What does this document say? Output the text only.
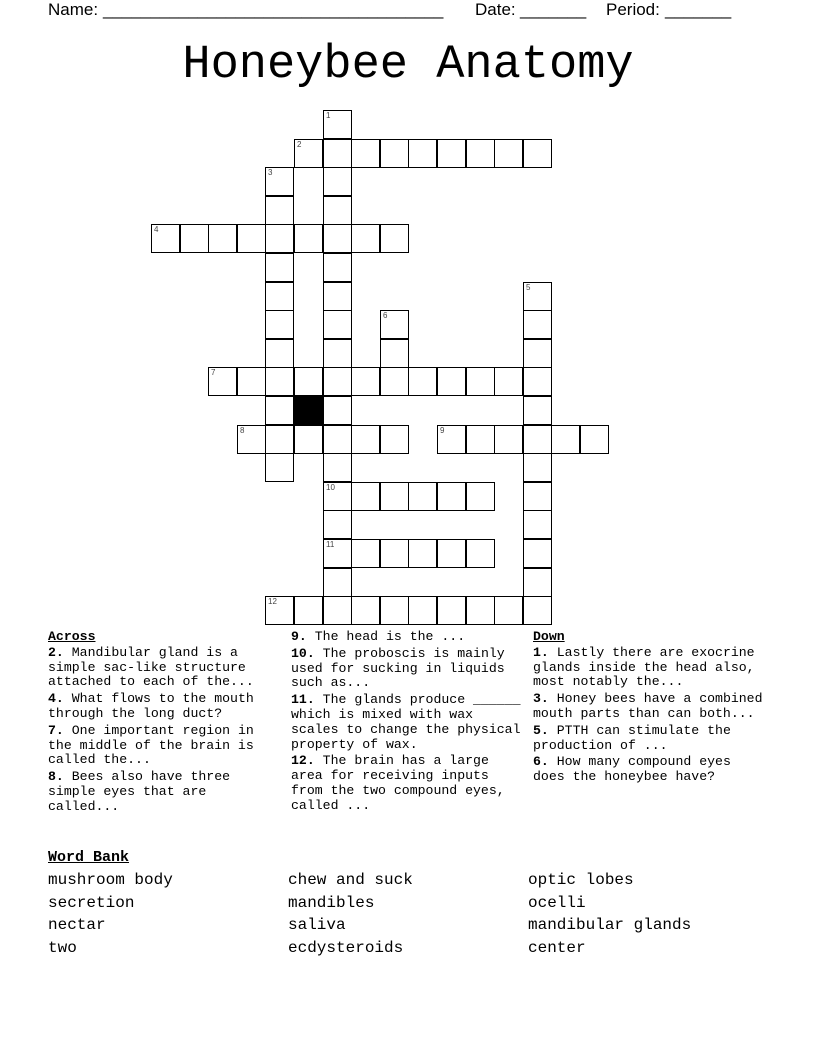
Name: ____________________________________ Date: _______ Period: _______
Honeybee Anatomy
1
10
11
2
3
4
5
6
7
8	9
12
Across
2. Mandibular gland is a simple sac-like structure attached to each of the...
4. What flows to the mouth through the long duct?
7. One important region in the middle of the brain is called the...
8. Bees also have three simple eyes that are called...
9. The head is the ...
10. The proboscis is mainly used for sucking in liquids such as...
11. The glands produce ______ which is mixed with wax scales to change the physical property of wax.
12. The brain has a large area for receiving inputs from the two compound eyes, called ...
Down
1. Lastly there are exocrine glands inside the head also, most notably the...
3. Honey bees have a combined mouth parts than can both...
5. PTTH can stimulate the production of ...
6. How many compound eyes does the honeybee have?
Word Bank
mushroom body	chew and suck	optic lobes
secretion	mandibles	ocelli
nectar	saliva	mandibular glands
two	ecdysteroids	center
